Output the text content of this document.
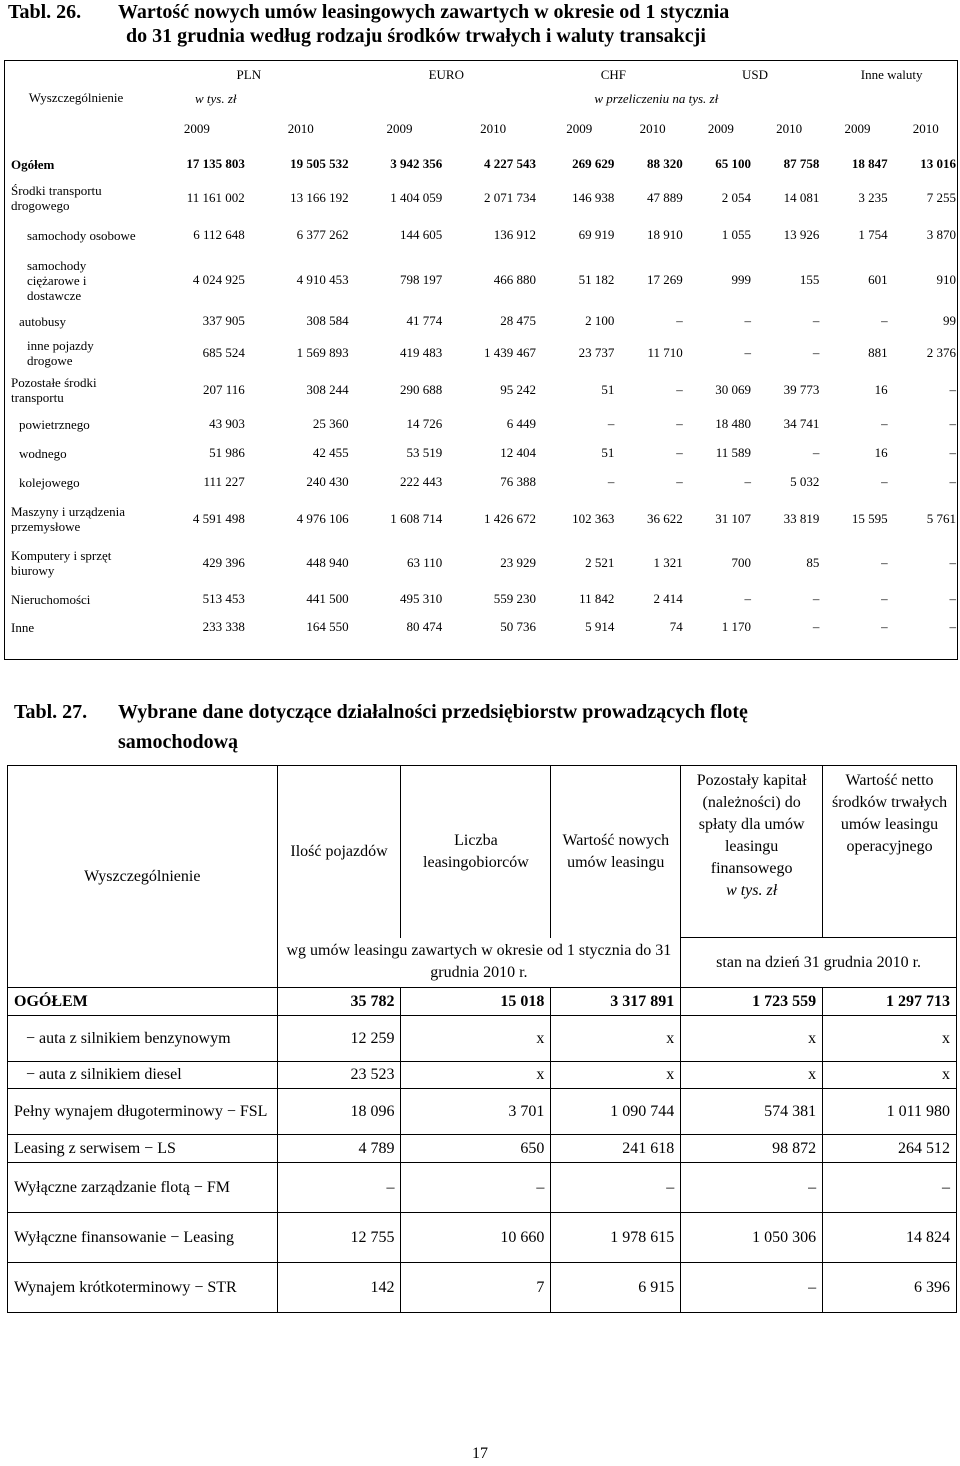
Tabl. 26. Wartość nowych umów leasingowych zawartych w okresie od 1 stycznia
do 31 grudnia według rodzaju środków trwałych i waluty transakcji
Wyszczególnienie	PLN		EURO		CHF		USD		Inne waluty	
	w tys. zł		w przeliczeniu na tys. zł							
	2009	2010	2009	2010	2009	2010	2009	2010	2009	2010
Ogółem	17 135 803	19 505 532	3 942 356	4 227 543	269 629	88 320	65 100	87 758	18 847	13 016
Środki transportu drogowego	11 161 002	13 166 192	1 404 059	2 071 734	146 938	47 889	2 054	14 081	3 235	7 255
samochody osobowe	6 112 648	6 377 262	144 605	136 912	69 919	18 910	1 055	13 926	1 754	3 870
samochody ciężarowe i dostawcze	4 024 925	4 910 453	798 197	466 880	51 182	17 269	999	155	601	910
autobusy	337 905	308 584	41 774	28 475	2 100	–	–	–	–	99
inne pojazdy drogowe	685 524	1 569 893	419 483	1 439 467	23 737	11 710	–	–	881	2 376
Pozostałe środki transportu	207 116	308 244	290 688	95 242	51	–	30 069	39 773	16	–
powietrznego	43 903	25 360	14 726	6 449	–	–	18 480	34 741	–	–
wodnego	51 986	42 455	53 519	12 404	51	–	11 589	–	16	–
kolejowego	111 227	240 430	222 443	76 388	–	–	–	5 032	–	–
Maszyny i urządzenia przemysłowe	4 591 498	4 976 106	1 608 714	1 426 672	102 363	36 622	31 107	33 819	15 595	5 761
Komputery i sprzęt biurowy	429 396	448 940	63 110	23 929	2 521	1 321	700	85	–	–
Nieruchomości	513 453	441 500	495 310	559 230	11 842	2 414	–	–	–	–
Inne	233 338	164 550	80 474	50 736	5 914	74	1 170	–	–	–
Tabl. 27. Wybrane dane dotyczące działalności przedsiębiorstw prowadzących flotę
samochodową
Wyszczególnienie	Ilość pojazdów	Liczba leasingobiorców	Wartość nowych umów leasingu	Pozostały kapitał (należności) do spłaty dla umów leasingu finansowego
w tys. zł	Wartość netto środków trwałych umów leasingu operacyjnego
	wg umów leasingu zawartych w okresie od 1 stycznia do 31 grudnia 2010 r.			stan na dzień 31 grudnia 2010 r.	
OGÓŁEM	35 782	15 018	3 317 891	1 723 559	1 297 713
− auta z silnikiem benzynowym	12 259	x	x	x	x
− auta z silnikiem diesel	23 523	x	x	x	x
Pełny wynajem długoterminowy − FSL	18 096	3 701	1 090 744	574 381	1 011 980
Leasing z serwisem − LS	4 789	650	241 618	98 872	264 512
Wyłączne zarządzanie flotą − FM	–	–	–	–	–
Wyłączne finansowanie − Leasing	12 755	10 660	1 978 615	1 050 306	14 824
Wynajem krótkoterminowy − STR	142	7	6 915	–	6 396
17
